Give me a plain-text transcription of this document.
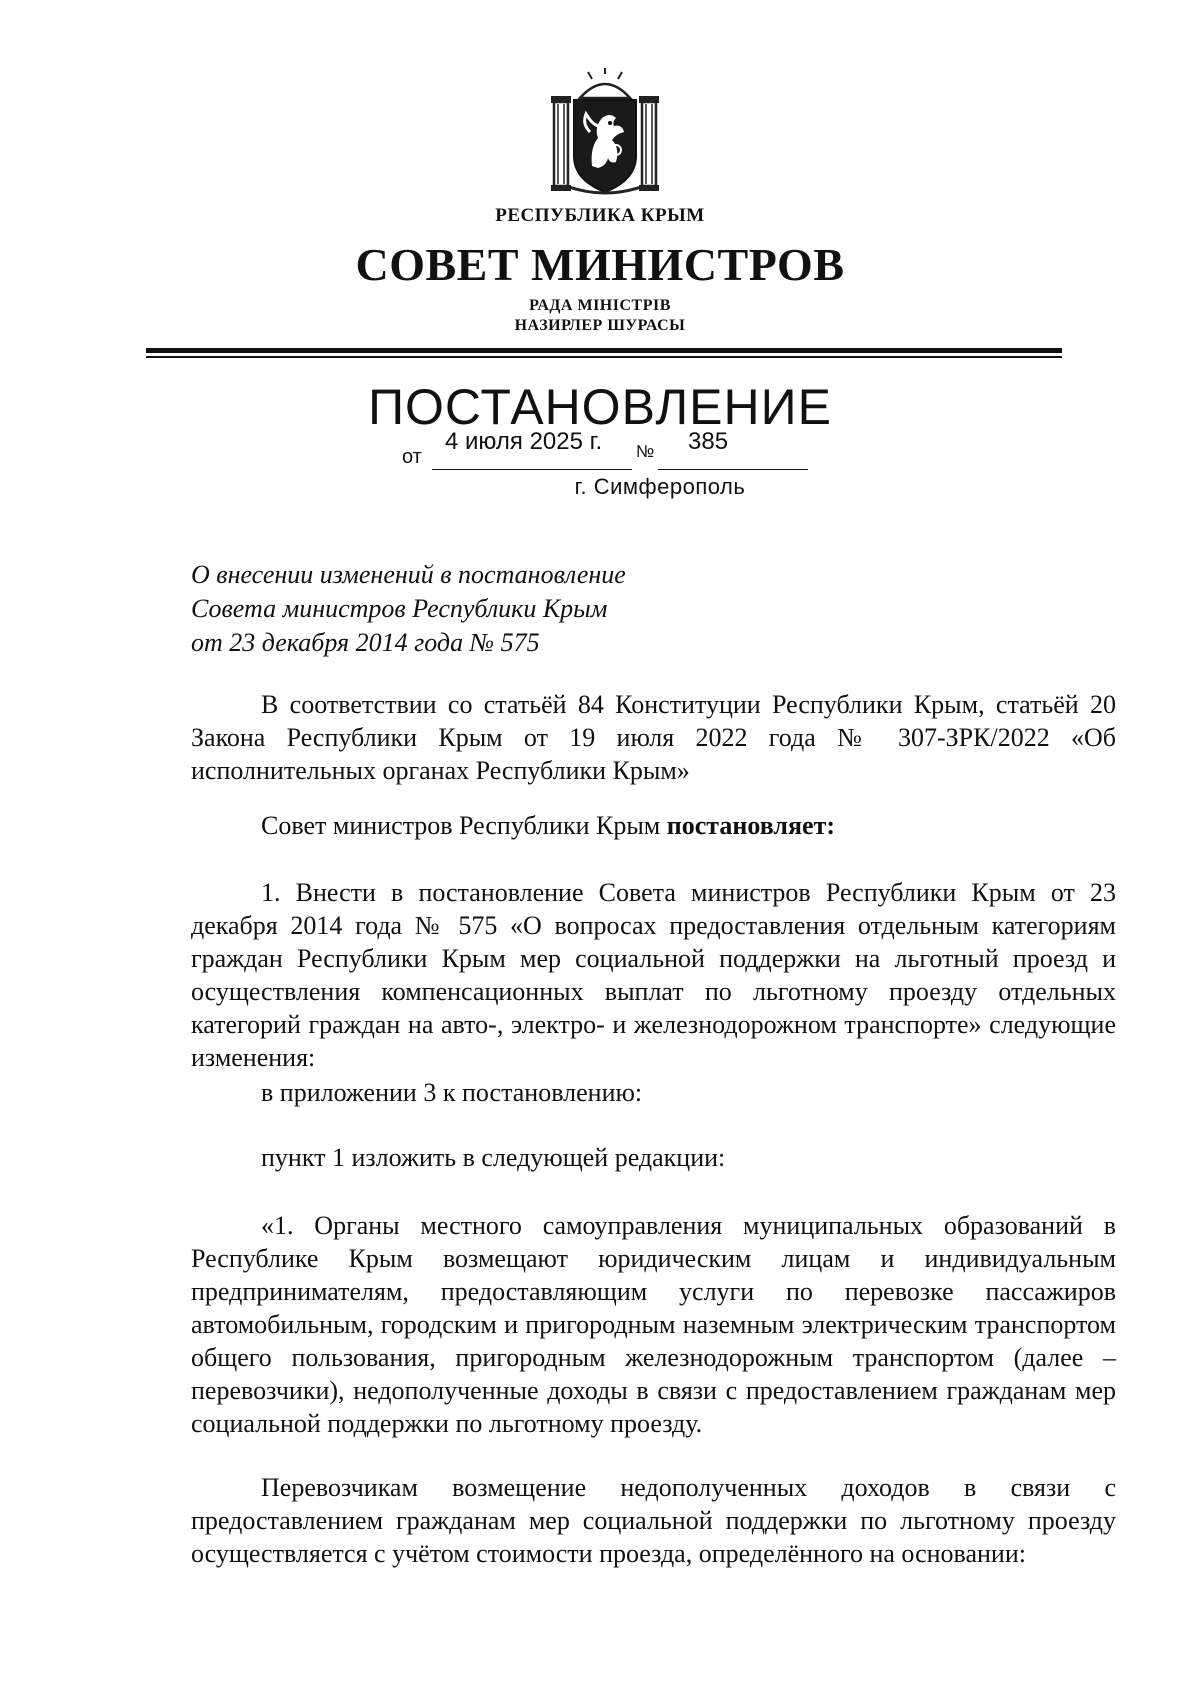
РЕСПУБЛИКА КРЫМ
СОВЕТ МИНИСТРОВ
РАДА МІНІСТРІВ
НАЗИРЛЕР ШУРАСЫ
ПОСТАНОВЛЕНИЕ
от
4 июля 2025 г. № 385
г. Симферополь
О внесении изменений в постановление
Совета министров Республики Крым
от 23 декабря 2014 года № 575

В соответствии со статьёй 84 Конституции Республики Крым, статьёй 20 Закона Республики Крым от 19 июля 2022 года № 307-ЗРК/2022 «Об исполнительных органах Республики Крым»

Совет министров Республики Крым постановляет:

1. Внести в постановление Совета министров Республики Крым от 23 декабря 2014 года № 575 «О вопросах предоставления отдельным категориям граждан Республики Крым мер социальной поддержки на льготный проезд и осуществления компенсационных выплат по льготному проезду отдельных категорий граждан на авто-, электро- и железнодорожном транспорте» следующие изменения:

в приложении 3 к постановлению:

пункт 1 изложить в следующей редакции:

«1. Органы местного самоуправления муниципальных образований в Республике Крым возмещают юридическим лицам и индивидуальным предпринимателям, предоставляющим услуги по перевозке пассажиров автомобильным, городским и пригородным наземным электрическим транспортом общего пользования, пригородным железнодорожным транспортом (далее – перевозчики), недополученные доходы в связи с предоставлением гражданам мер социальной поддержки по льготному проезду.

Перевозчикам возмещение недополученных доходов в связи с предоставлением гражданам мер социальной поддержки по льготному проезду осуществляется с учётом стоимости проезда, определённого на основании:
